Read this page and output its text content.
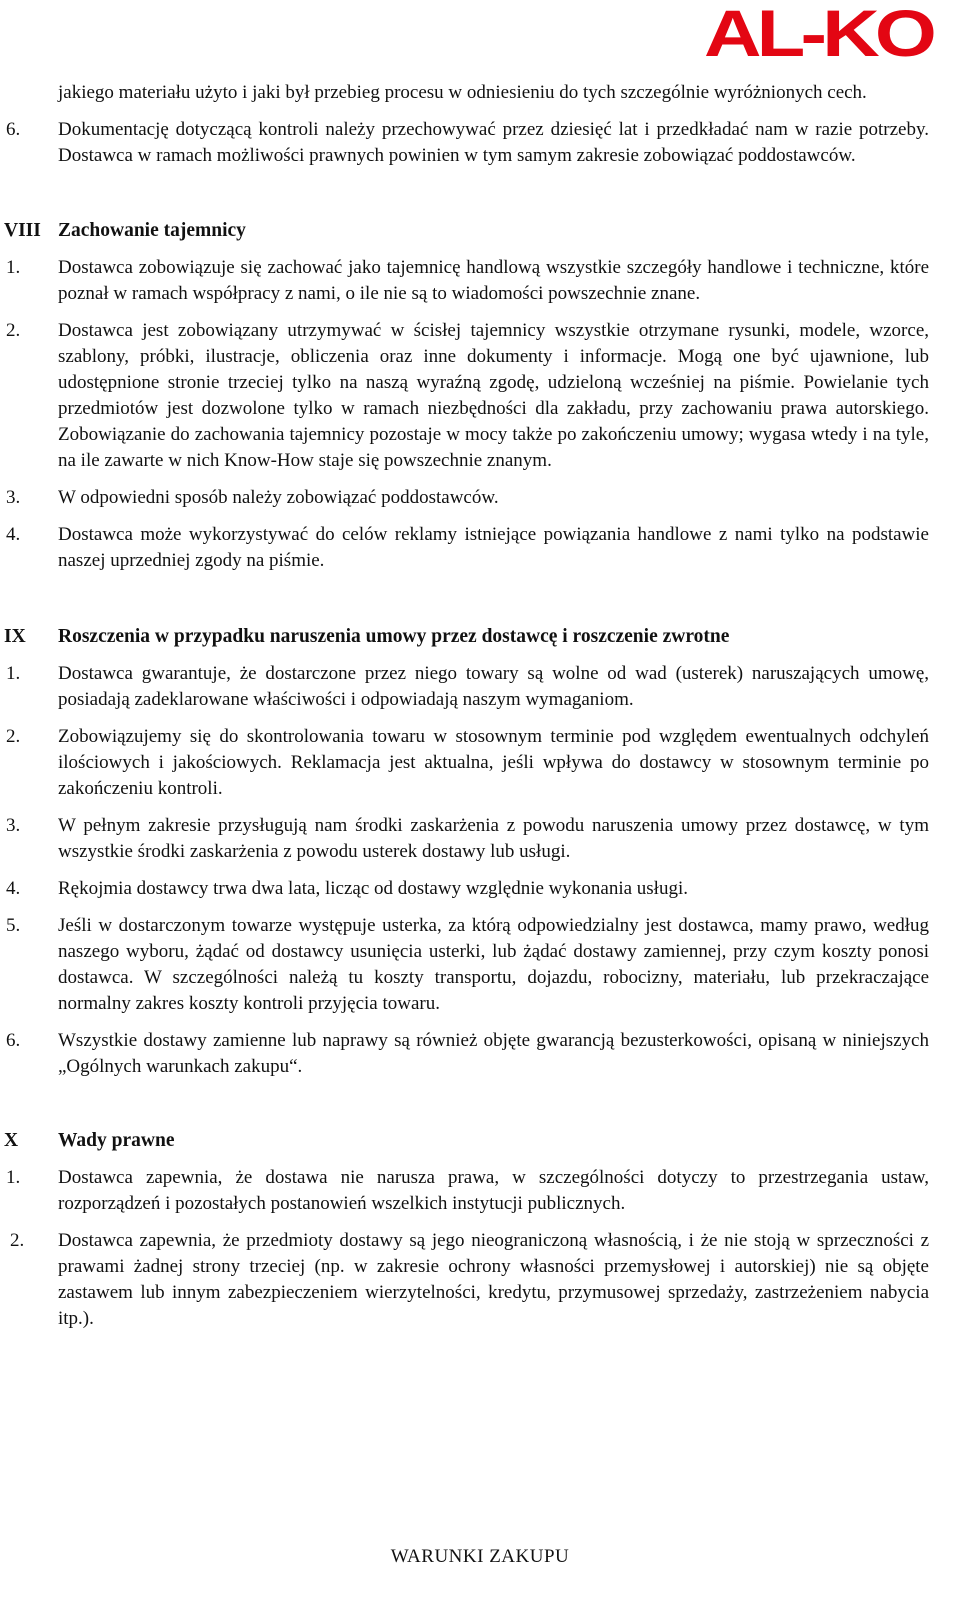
AL-KO

jakiego materiału użyto i jaki był przebieg procesu w odniesieniu do tych szczególnie wyróżnionych cech.

6. Dokumentację dotyczącą kontroli należy przechowywać przez dziesięć lat i przedkładać nam w razie potrzeby. Dostawca w ramach możliwości prawnych powinien w tym samym zakresie zobowiązać poddostawców.

VIII Zachowanie tajemnicy

1. Dostawca zobowiązuje się zachować jako tajemnicę handlową wszystkie szczegóły handlowe i techniczne, które poznał w ramach współpracy z nami, o ile nie są to wiadomości powszechnie znane.

2. Dostawca jest zobowiązany utrzymywać w ścisłej tajemnicy wszystkie otrzymane rysunki, modele, wzorce, szablony, próbki, ilustracje, obliczenia oraz inne dokumenty i informacje. Mogą one być ujawnione, lub udostępnione stronie trzeciej tylko na naszą wyraźną zgodę, udzieloną wcześniej na piśmie. Powielanie tych przedmiotów jest dozwolone tylko w ramach niezbędności dla zakładu, przy zachowaniu prawa autorskiego. Zobowiązanie do zachowania tajemnicy pozostaje w mocy także po zakończeniu umowy; wygasa wtedy i na tyle, na ile zawarte w nich Know-How staje się powszechnie znanym.

3. W odpowiedni sposób należy zobowiązać poddostawców.

4. Dostawca może wykorzystywać do celów reklamy istniejące powiązania handlowe z nami tylko na podstawie naszej uprzedniej zgody na piśmie.

IX Roszczenia w przypadku naruszenia umowy przez dostawcę i roszczenie zwrotne

1. Dostawca gwarantuje, że dostarczone przez niego towary są wolne od wad (usterek) naruszających umowę, posiadają zadeklarowane właściwości i odpowiadają naszym wymaganiom.

2. Zobowiązujemy się do skontrolowania towaru w stosownym terminie pod względem ewentualnych odchyleń ilościowych i jakościowych. Reklamacja jest aktualna, jeśli wpływa do dostawcy w stosownym terminie po zakończeniu kontroli.

3. W pełnym zakresie przysługują nam środki zaskarżenia z powodu naruszenia umowy przez dostawcę, w tym wszystkie środki zaskarżenia z powodu usterek dostawy lub usługi.

4. Rękojmia dostawcy trwa dwa lata, licząc od dostawy względnie wykonania usługi.

5. Jeśli w dostarczonym towarze występuje usterka, za którą odpowiedzialny jest dostawca, mamy prawo, według naszego wyboru, żądać od dostawcy usunięcia usterki, lub żądać dostawy zamiennej, przy czym koszty ponosi dostawca. W szczególności należą tu koszty transportu, dojazdu, robocizny, materiału, lub przekraczające normalny zakres koszty kontroli przyjęcia towaru.

6. Wszystkie dostawy zamienne lub naprawy są również objęte gwarancją bezusterkowości, opisaną w niniejszych „Ogólnych warunkach zakupu“.

X Wady prawne

1. Dostawca zapewnia, że dostawa nie narusza prawa, w szczególności dotyczy to przestrzegania ustaw, rozporządzeń i pozostałych postanowień wszelkich instytucji publicznych.

2. Dostawca zapewnia, że przedmioty dostawy są jego nieograniczoną własnością, i że nie stoją w sprzeczności z prawami żadnej strony trzeciej (np. w zakresie ochrony własności przemysłowej i autorskiej) nie są objęte zastawem lub innym zabezpieczeniem wierzytelności, kredytu, przymusowej sprzedaży, zastrzeżeniem nabycia itp.).

WARUNKI ZAKUPU
